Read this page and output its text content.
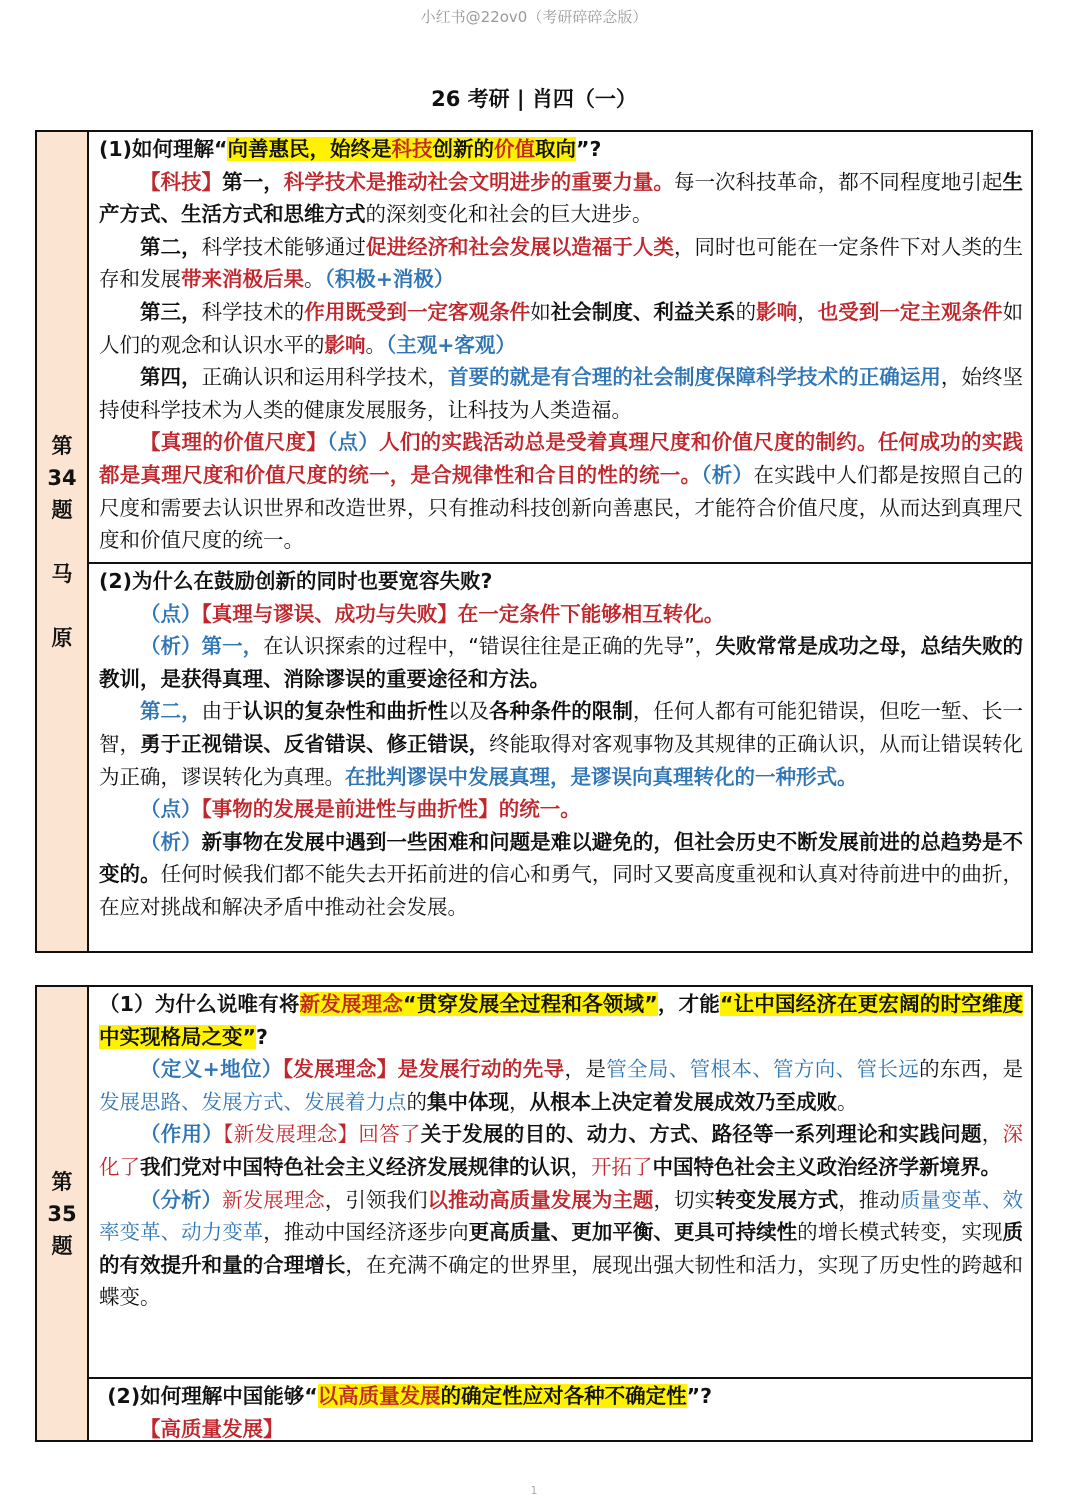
小红书@22ov0（考研碎碎念版）
26 考研 | 肖四（一）
第
34
题
马
原

(1)如何理解“向善惠民，始终是科技创新的价值取向”?

【科技】第一，科学技术是推动社会文明进步的重要力量。每一次科技革命，都不同程度地引起生产方式、生活方式和思维方式的深刻变化和社会的巨大进步。

第二，科学技术能够通过促进经济和社会发展以造福于人类，同时也可能在一定条件下对人类的生存和发展带来消极后果。（积极+消极）

第三，科学技术的作用既受到一定客观条件如社会制度、利益关系的影响，也受到一定主观条件如人们的观念和认识水平的影响。（主观+客观）

第四，正确认识和运用科学技术，首要的就是有合理的社会制度保障科学技术的正确运用，始终坚持使科学技术为人类的健康发展服务，让科技为人类造福。

【真理的价值尺度】（点）人们的实践活动总是受着真理尺度和价值尺度的制约。任何成功的实践都是真理尺度和价值尺度的统一，是合规律性和合目的性的统一。（析）在实践中人们都是按照自己的尺度和需要去认识世界和改造世界，只有推动科技创新向善惠民，才能符合价值尺度，从而达到真理尺度和价值尺度的统一。

(2)为什么在鼓励创新的同时也要宽容失败?

（点）【真理与谬误、成功与失败】在一定条件下能够相互转化。

（析）第一，在认识探索的过程中，“错误往往是正确的先导”，失败常常是成功之母，总结失败的教训，是获得真理、消除谬误的重要途径和方法。

第二，由于认识的复杂性和曲折性以及各种条件的限制，任何人都有可能犯错误，但吃一堑、长一智，勇于正视错误、反省错误、修正错误，终能取得对客观事物及其规律的正确认识，从而让错误转化为正确，谬误转化为真理。在批判谬误中发展真理，是谬误向真理转化的一种形式。

（点）【事物的发展是前进性与曲折性】的统一。

（析）新事物在发展中遇到一些困难和问题是难以避免的，但社会历史不断发展前进的总趋势是不变的。任何时候我们都不能失去开拓前进的信心和勇气，同时又要高度重视和认真对待前进中的曲折，在应对挑战和解决矛盾中推动社会发展。

第
35
题

（1）为什么说唯有将新发展理念“贯穿发展全过程和各领域”，才能“让中国经济在更宏阔的时空维度中实现格局之变”?

（定义+地位）【发展理念】是发展行动的先导，是管全局、管根本、管方向、管长远的东西，是发展思路、发展方式、发展着力点的集中体现，从根本上决定着发展成效乃至成败。

（作用）【新发展理念】回答了关于发展的目的、动力、方式、路径等一系列理论和实践问题，深化了我们党对中国特色社会主义经济发展规律的认识，开拓了中国特色社会主义政治经济学新境界。

（分析）新发展理念，引领我们以推动高质量发展为主题，切实转变发展方式，推动质量变革、效率变革、动力变革，推动中国经济逐步向更高质量、更加平衡、更具可持续性的增长模式转变，实现质的有效提升和量的合理增长，在充满不确定的世界里，展现出强大韧性和活力，实现了历史性的跨越和蝶变。

(2)如何理解中国能够“以高质量发展的确定性应对各种不确定性”?

【高质量发展】

1
